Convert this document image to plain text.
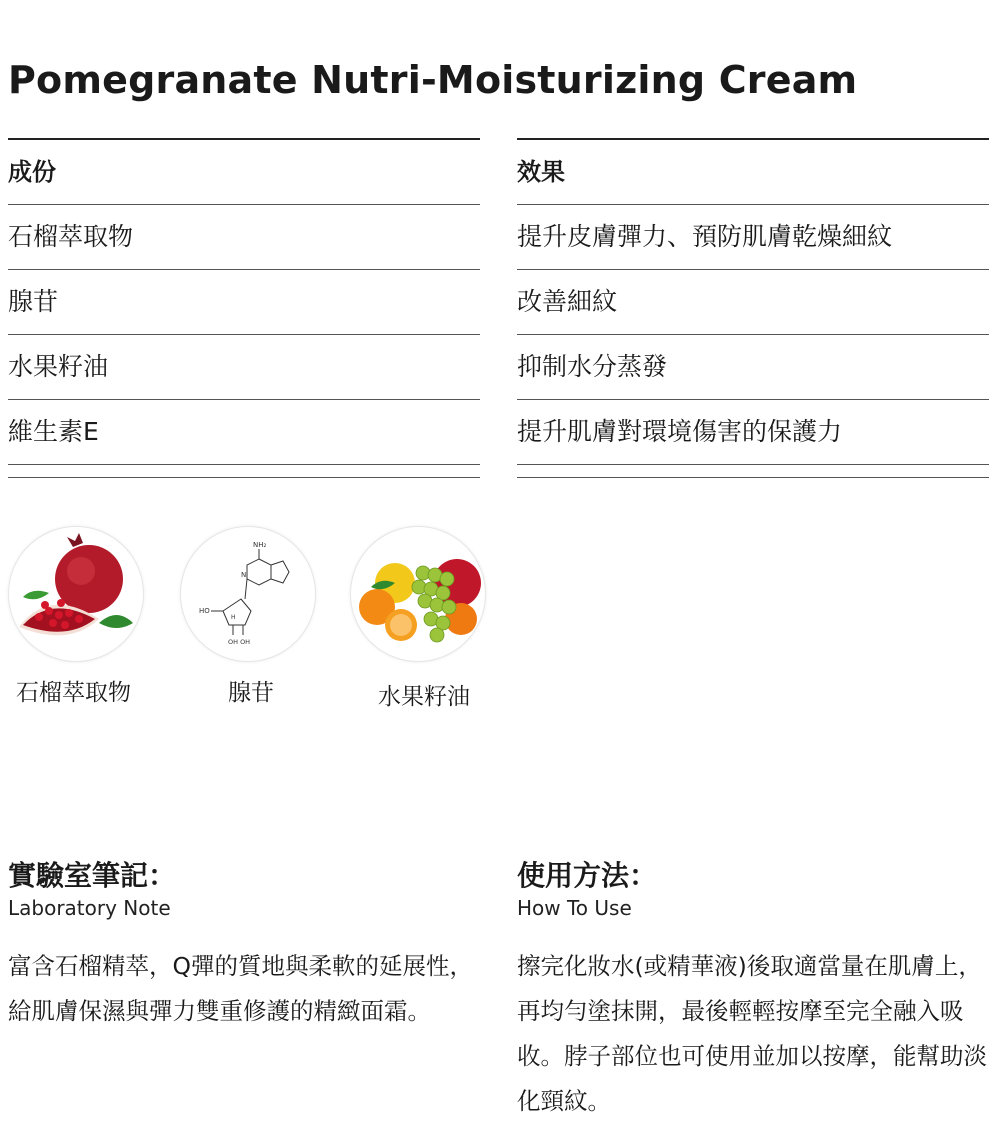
Pomegranate Nutri-Moisturizing Cream
成份
石榴萃取物
腺苷
水果籽油
維生素E
效果
提升皮膚彈力、預防肌膚乾燥細紋
改善細紋
抑制水分蒸發
提升肌膚對環境傷害的保護力
石榴萃取物
NH₂
N
HO
H
OH OH
腺苷	水果籽油
實驗室筆記：
Laboratory Note
富含石榴精萃，Q彈的質地與柔軟的延展性，給肌膚保濕與彈力雙重修護的精緻面霜。
使用方法：
How To Use
擦完化妝水(或精華液)後取適當量在肌膚上，再均勻塗抹開，最後輕輕按摩至完全融入吸收。脖子部位也可使用並加以按摩，能幫助淡化頸紋。
